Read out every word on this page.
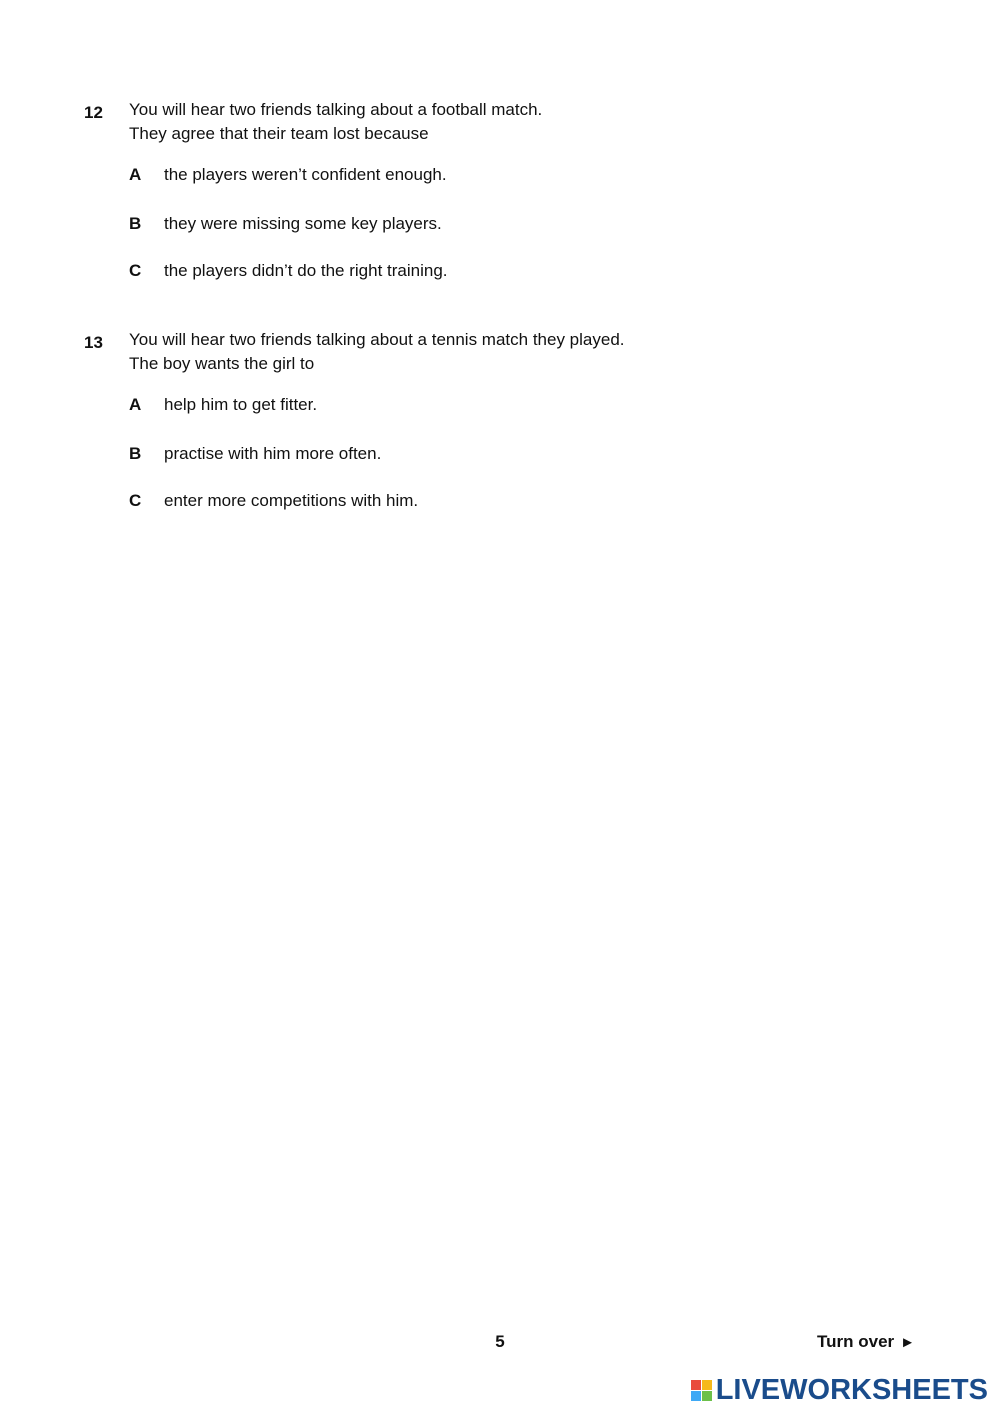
12 You will hear two friends talking about a football match.
They agree that their team lost because
A the players weren’t confident enough.
B they were missing some key players.
C the players didn’t do the right training.
13 You will hear two friends talking about a tennis match they played.
The boy wants the girl to
A help him to get fitter.
B practise with him more often.
C enter more competitions with him.
5	Turn over ►
LIVEWORKSHEETS
